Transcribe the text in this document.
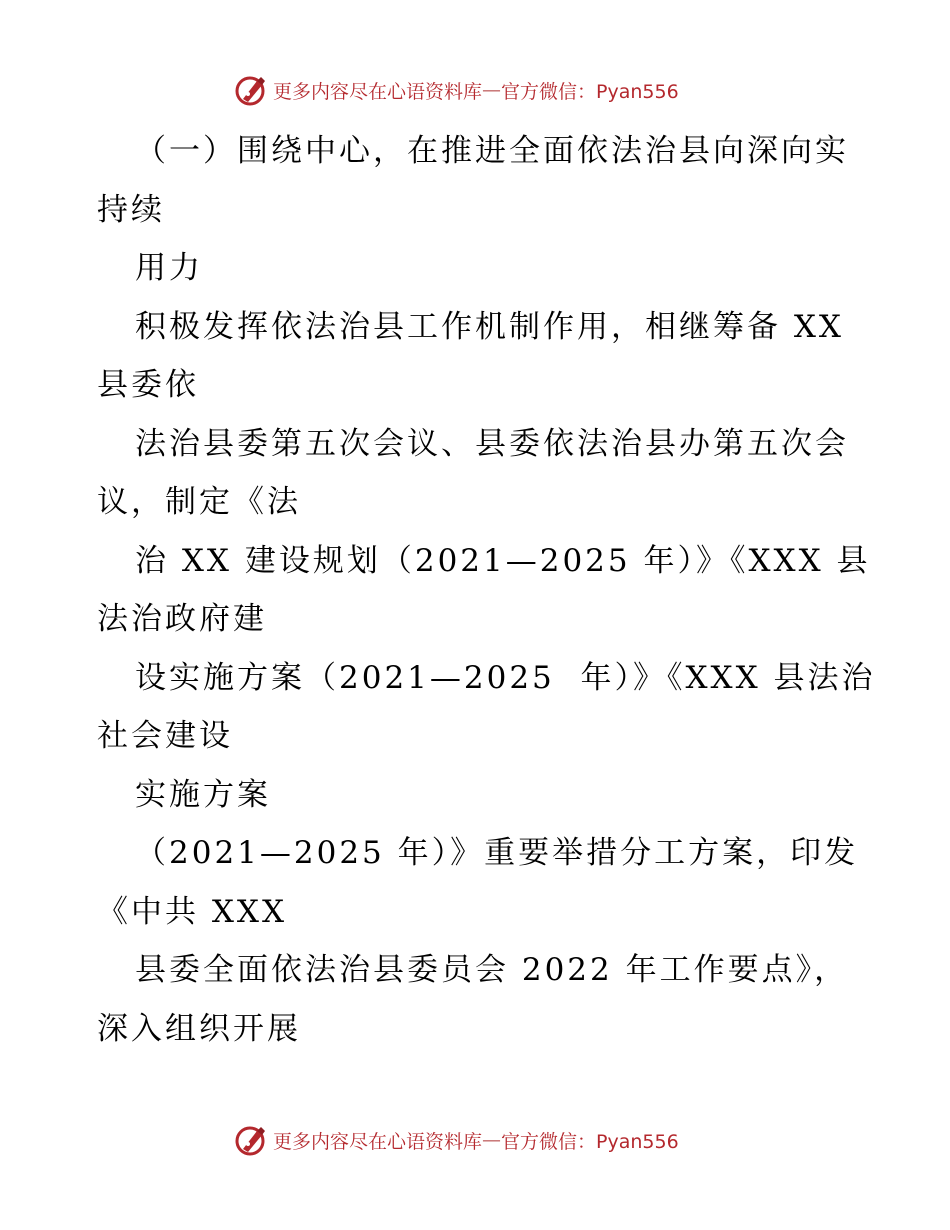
更多内容尽在心语资料库 — 官方微信：Pyan556
（一）围绕中心，在推进全面依法治县向深向实
持续
用力
积极发挥依法治县工作机制作用，相继筹备 XX
县委依
法治县委第五次会议、县委依法治县办第五次会
议，制定《法
治 XX 建设规划（2021—2025 年）》《XXX 县
法治政府建
设实施方案（2021—2025  年）》《XXX 县法治
社会建设
实施方案
（2021—2025 年）》重要举措分工方案，印发
《中共 XXX
县委全面依法治县委员会 2022 年工作要点》，
深入组织开展
更多内容尽在心语资料库 — 官方微信：Pyan556
